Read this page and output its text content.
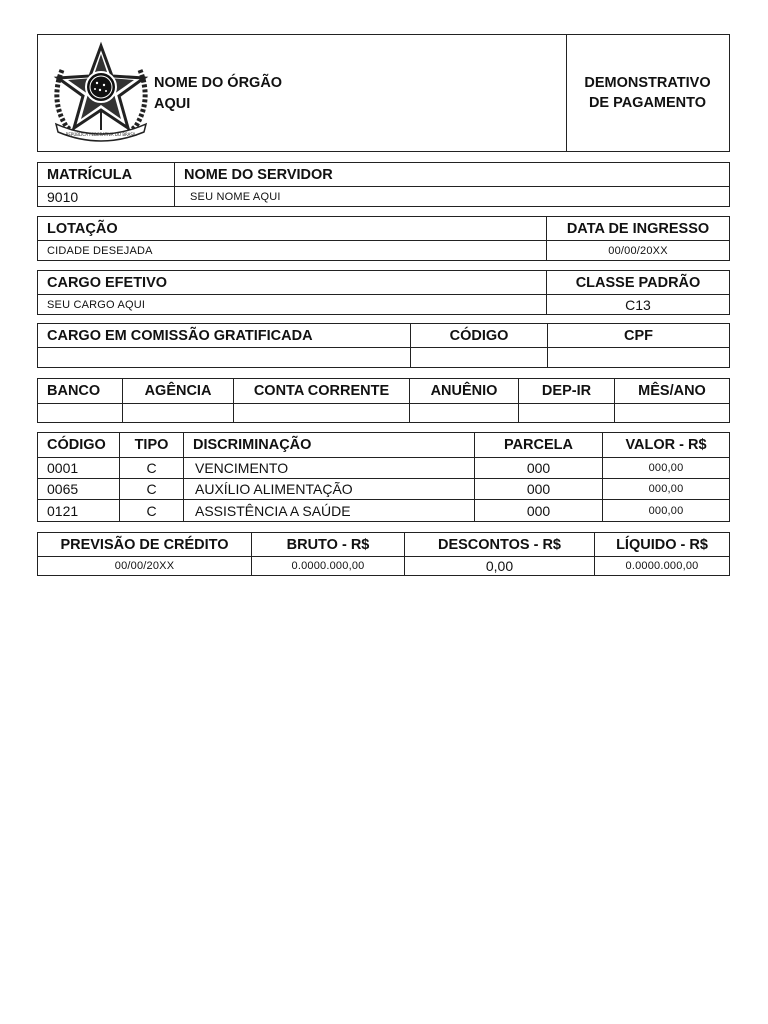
REPÚBLICA FEDERATIVA DO BRASIL
NOME DO ÓRGÃO
AQUI
DEMONSTRATIVO
DE PAGAMENTO
MATRÍCULA	NOME DO SERVIDOR
9010	SEU NOME AQUI
LOTAÇÃO	DATA DE INGRESSO
CIDADE DESEJADA	00/00/20XX
CARGO EFETIVO	CLASSE PADRÃO
SEU CARGO AQUI	C13
CARGO EM COMISSÃO GRATIFICADA	CÓDIGO	CPF
BANCO	AGÊNCIA	CONTA CORRENTE	ANUÊNIO	DEP-IR	MÊS/ANO
CÓDIGO	TIPO	DISCRIMINAÇÃO	PARCELA	VALOR - R$
0001	C	VENCIMENTO	000	000,00
0065	C	AUXÍLIO ALIMENTAÇÃO	000	000,00
0121	C	ASSISTÊNCIA A SAÚDE	000	000,00
PREVISÃO DE CRÉDITO	BRUTO - R$	DESCONTOS - R$	LÍQUIDO - R$
00/00/20XX	0.0000.000,00	0,00	0.0000.000,00
